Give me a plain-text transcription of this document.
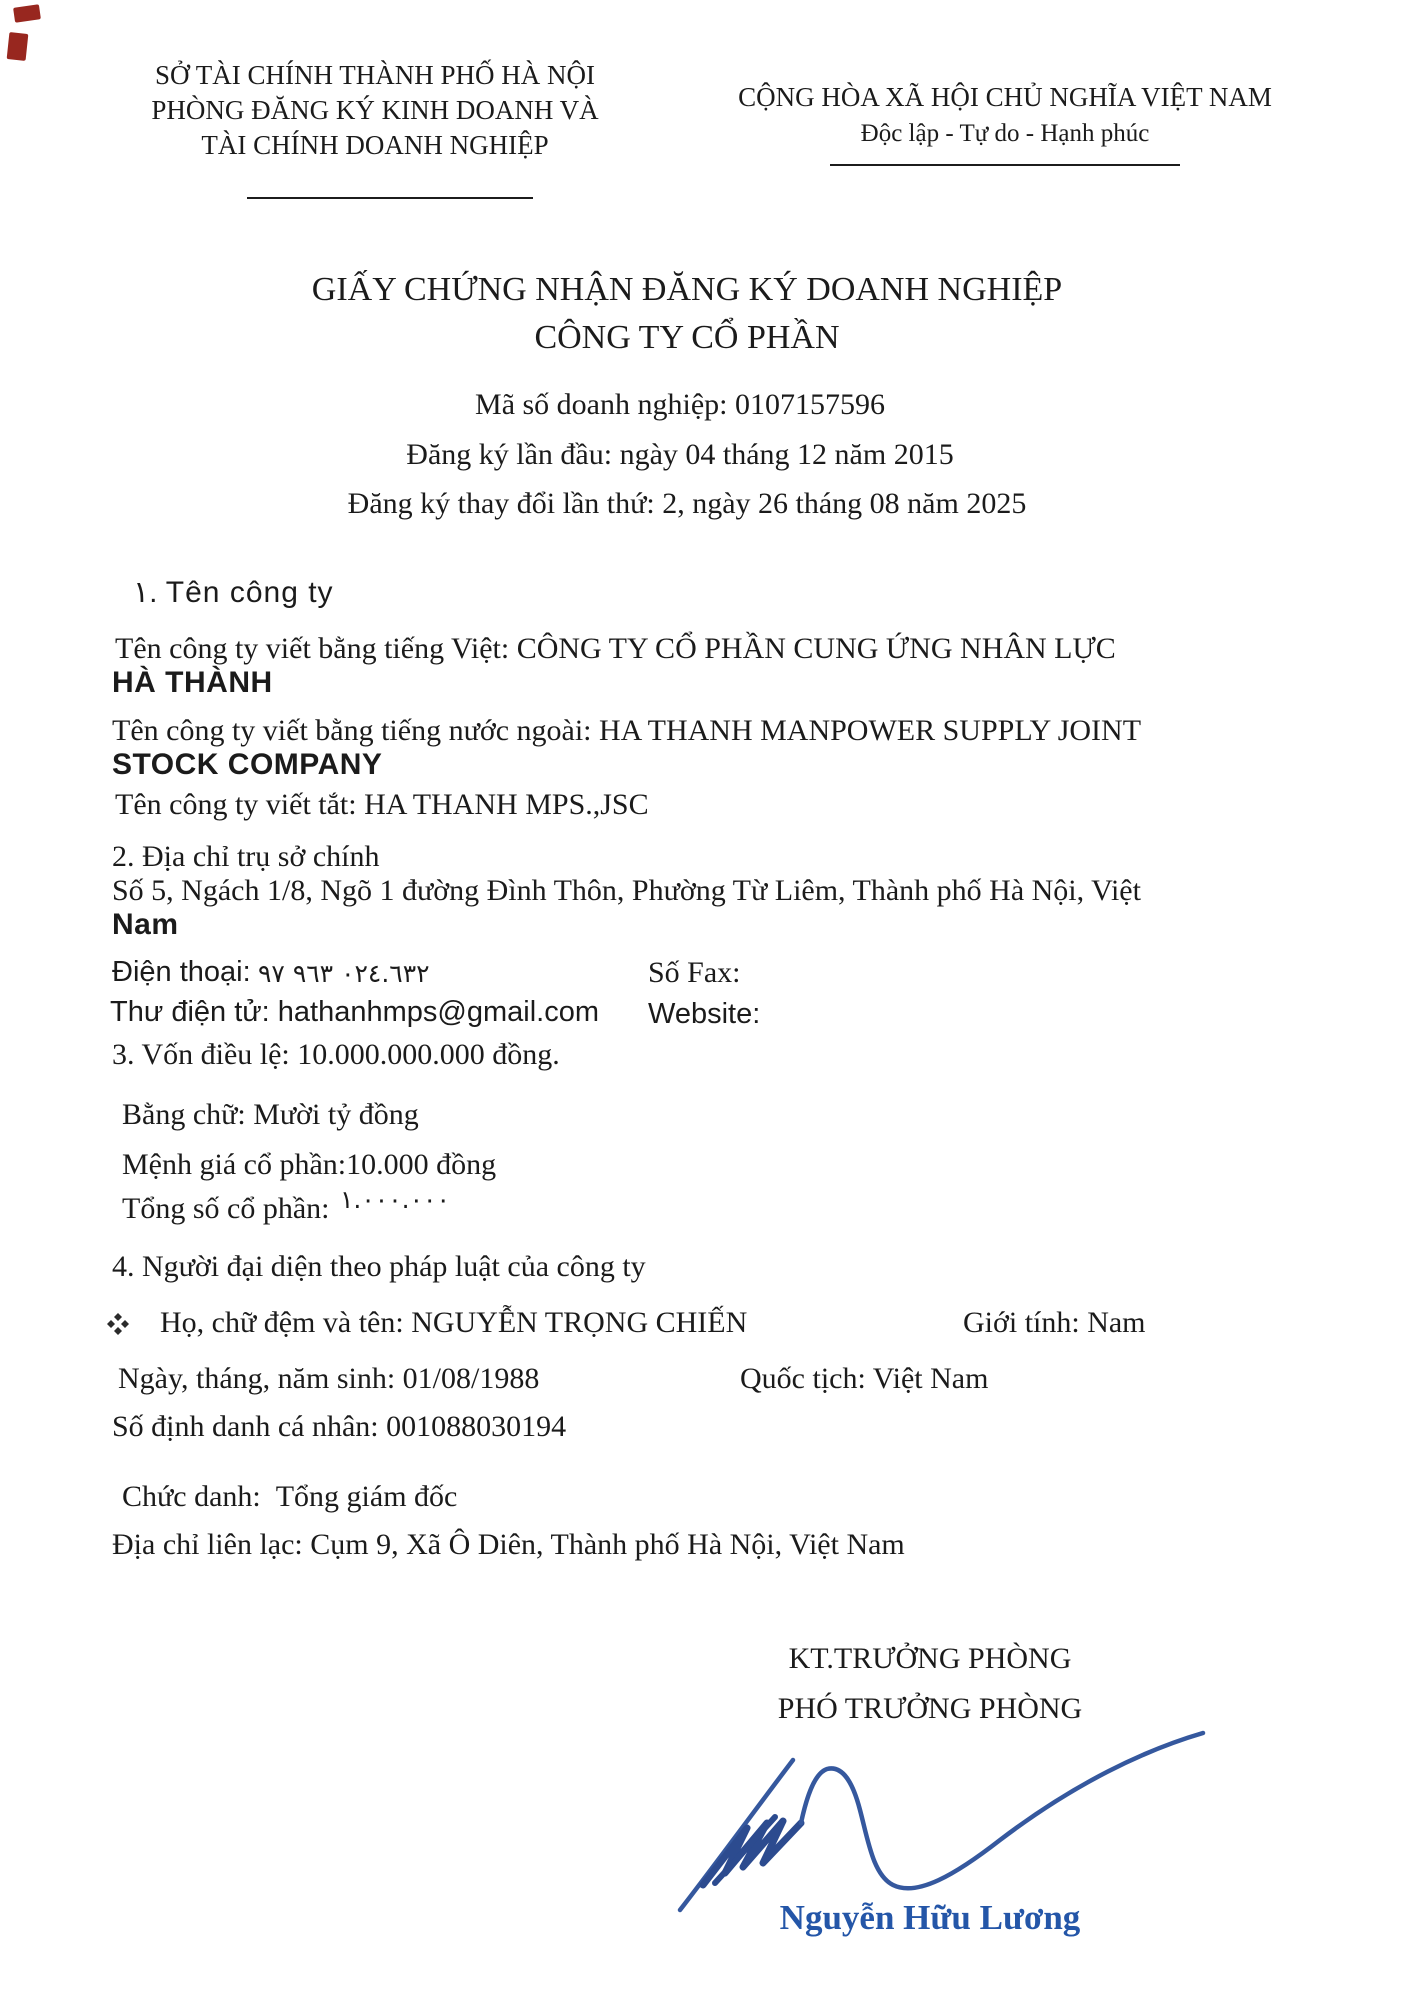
SỞ TÀI CHÍNH THÀNH PHỐ HÀ NỘI
PHÒNG ĐĂNG KÝ KINH DOANH VÀ
TÀI CHÍNH DOANH NGHIỆP
CỘNG HÒA XÃ HỘI CHỦ NGHĨA VIỆT NAM
Độc lập - Tự do - Hạnh phúc
GIẤY CHỨNG NHẬN ĐĂNG KÝ DOANH NGHIỆP
CÔNG TY CỔ PHẦN
Mã số doanh nghiệp: 0107157596
Đăng ký lần đầu: ngày 04 tháng 12 năm 2015
Đăng ký thay đổi lần thứ: 2, ngày 26 tháng 08 năm 2025
١. Tên công ty
Tên công ty viết bằng tiếng Việt: CÔNG TY CỔ PHẦN CUNG ỨNG NHÂN LỰC
HÀ THÀNH
Tên công ty viết bằng tiếng nước ngoài: HA THANH MANPOWER SUPPLY JOINT
STOCK COMPANY
Tên công ty viết tắt: HA THANH MPS.,JSC
2. Địa chỉ trụ sở chính
Số 5, Ngách 1/8, Ngõ 1 đường Đình Thôn, Phường Từ Liêm, Thành phố Hà Nội, Việt
Nam
Điện thoại: ٠٢٤.٦٣٢ ٩٦٣ ٩٧	Số Fax:
Thư điện tử: hathanhmps@gmail.com Website:
3. Vốn điều lệ: 10.000.000.000 đồng.
Bằng chữ: Mười tỷ đồng
Mệnh giá cổ phần:10.000 đồng
Tổng số cổ phần: ١.٠٠٠.٠٠٠
4. Người đại diện theo pháp luật của công ty
Họ, chữ đệm và tên: NGUYỄN TRỌNG CHIẾN	Giới tính: Nam
Ngày, tháng, năm sinh: 01/08/1988	Quốc tịch: Việt Nam
Số định danh cá nhân: 001088030194
Chức danh:  Tổng giám đốc
Địa chỉ liên lạc: Cụm 9, Xã Ô Diên, Thành phố Hà Nội, Việt Nam
KT.TRƯỞNG PHÒNG
PHÓ TRƯỞNG PHÒNG
Nguyễn Hữu Lương
